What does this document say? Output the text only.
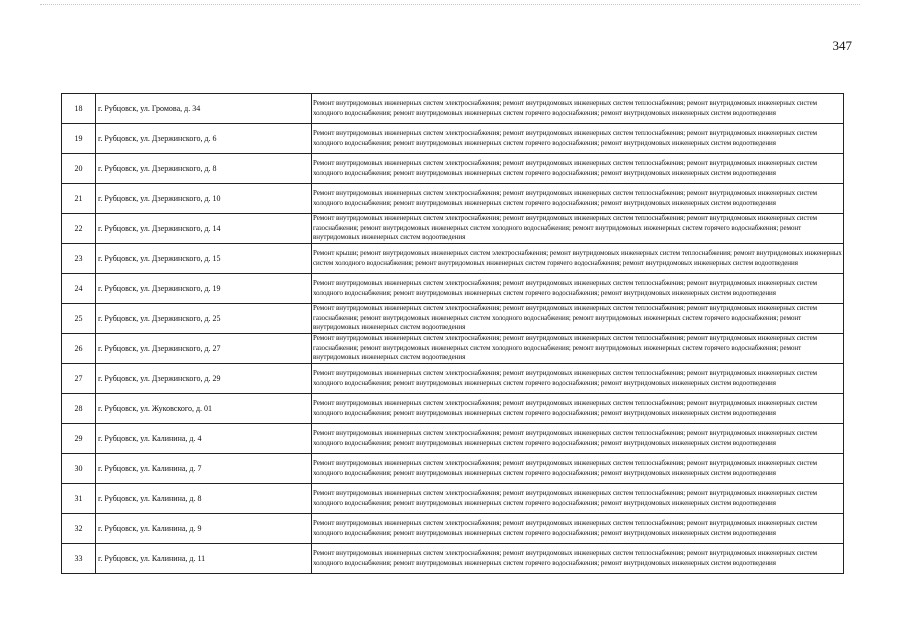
347
18	г. Рубцовск, ул. Громова, д. 34	Ремонт внутридомовых инженерных систем электроснабжения; ремонт внутридомовых инженерных систем теплоснабжения; ремонт внутридомовых инженерных систем холодного водоснабжения; ремонт внутридомовых инженерных систем горячего водоснабжения; ремонт внутридомовых инженерных систем водоотведения

19	г. Рубцовск, ул. Дзержинского, д. 6	Ремонт внутридомовых инженерных систем электроснабжения; ремонт внутридомовых инженерных систем теплоснабжения; ремонт внутридомовых инженерных систем холодного водоснабжения; ремонт внутридомовых инженерных систем горячего водоснабжения; ремонт внутридомовых инженерных систем водоотведения

20	г. Рубцовск, ул. Дзержинского, д. 8	Ремонт внутридомовых инженерных систем электроснабжения; ремонт внутридомовых инженерных систем теплоснабжения; ремонт внутридомовых инженерных систем холодного водоснабжения; ремонт внутридомовых инженерных систем горячего водоснабжения; ремонт внутридомовых инженерных систем водоотведения

21	г. Рубцовск, ул. Дзержинского, д. 10	Ремонт внутридомовых инженерных систем электроснабжения; ремонт внутридомовых инженерных систем теплоснабжения; ремонт внутридомовых инженерных систем холодного водоснабжения; ремонт внутридомовых инженерных систем горячего водоснабжения; ремонт внутридомовых инженерных систем водоотведения

22	г. Рубцовск, ул. Дзержинского, д. 14	Ремонт внутридомовых инженерных систем электроснабжения; ремонт внутридомовых инженерных систем теплоснабжения; ремонт внутридомовых инженерных систем газоснабжения; ремонт внутридомовых инженерных систем холодного водоснабжения; ремонт внутридомовых инженерных систем горячего водоснабжения; ремонт внутридомовых инженерных систем водоотведения

23	г. Рубцовск, ул. Дзержинского, д. 15	Ремонт крыши; ремонт внутридомовых инженерных систем электроснабжения; ремонт внутридомовых инженерных систем теплоснабжения; ремонт внутридомовых инженерных систем холодного водоснабжения; ремонт внутридомовых инженерных систем горячего водоснабжения; ремонт внутридомовых инженерных систем водоотведения

24	г. Рубцовск, ул. Дзержинского, д. 19	Ремонт внутридомовых инженерных систем электроснабжения; ремонт внутридомовых инженерных систем теплоснабжения; ремонт внутридомовых инженерных систем холодного водоснабжения; ремонт внутридомовых инженерных систем горячего водоснабжения; ремонт внутридомовых инженерных систем водоотведения

25	г. Рубцовск, ул. Дзержинского, д. 25	Ремонт внутридомовых инженерных систем электроснабжения; ремонт внутридомовых инженерных систем теплоснабжения; ремонт внутридомовых инженерных систем газоснабжения; ремонт внутридомовых инженерных систем холодного водоснабжения; ремонт внутридомовых инженерных систем горячего водоснабжения; ремонт внутридомовых инженерных систем водоотведения

26	г. Рубцовск, ул. Дзержинского, д. 27	Ремонт внутридомовых инженерных систем электроснабжения; ремонт внутридомовых инженерных систем теплоснабжения; ремонт внутридомовых инженерных систем газоснабжения; ремонт внутридомовых инженерных систем холодного водоснабжения; ремонт внутридомовых инженерных систем горячего водоснабжения; ремонт внутридомовых инженерных систем водоотведения

27	г. Рубцовск, ул. Дзержинского, д. 29	Ремонт внутридомовых инженерных систем электроснабжения; ремонт внутридомовых инженерных систем теплоснабжения; ремонт внутридомовых инженерных систем холодного водоснабжения; ремонт внутридомовых инженерных систем горячего водоснабжения; ремонт внутридомовых инженерных систем водоотведения

28	г. Рубцовск, ул. Жуковского, д. 01	Ремонт внутридомовых инженерных систем электроснабжения; ремонт внутридомовых инженерных систем теплоснабжения; ремонт внутридомовых инженерных систем холодного водоснабжения; ремонт внутридомовых инженерных систем горячего водоснабжения; ремонт внутридомовых инженерных систем водоотведения

29	г. Рубцовск, ул. Калинина, д. 4	Ремонт внутридомовых инженерных систем электроснабжения; ремонт внутридомовых инженерных систем теплоснабжения; ремонт внутридомовых инженерных систем холодного водоснабжения; ремонт внутридомовых инженерных систем горячего водоснабжения; ремонт внутридомовых инженерных систем водоотведения

30	г. Рубцовск, ул. Калинина, д. 7	Ремонт внутридомовых инженерных систем электроснабжения; ремонт внутридомовых инженерных систем теплоснабжения; ремонт внутридомовых инженерных систем холодного водоснабжения; ремонт внутридомовых инженерных систем горячего водоснабжения; ремонт внутридомовых инженерных систем водоотведения

31	г. Рубцовск, ул. Калинина, д. 8	Ремонт внутридомовых инженерных систем электроснабжения; ремонт внутридомовых инженерных систем теплоснабжения; ремонт внутридомовых инженерных систем холодного водоснабжения; ремонт внутридомовых инженерных систем горячего водоснабжения; ремонт внутридомовых инженерных систем водоотведения

32	г. Рубцовск, ул. Калинина, д. 9	Ремонт внутридомовых инженерных систем электроснабжения; ремонт внутридомовых инженерных систем теплоснабжения; ремонт внутридомовых инженерных систем холодного водоснабжения; ремонт внутридомовых инженерных систем горячего водоснабжения; ремонт внутридомовых инженерных систем водоотведения

33	г. Рубцовск, ул. Калинина, д. 11	Ремонт внутридомовых инженерных систем электроснабжения; ремонт внутридомовых инженерных систем теплоснабжения; ремонт внутридомовых инженерных систем холодного водоснабжения; ремонт внутридомовых инженерных систем горячего водоснабжения; ремонт внутридомовых инженерных систем водоотведения
